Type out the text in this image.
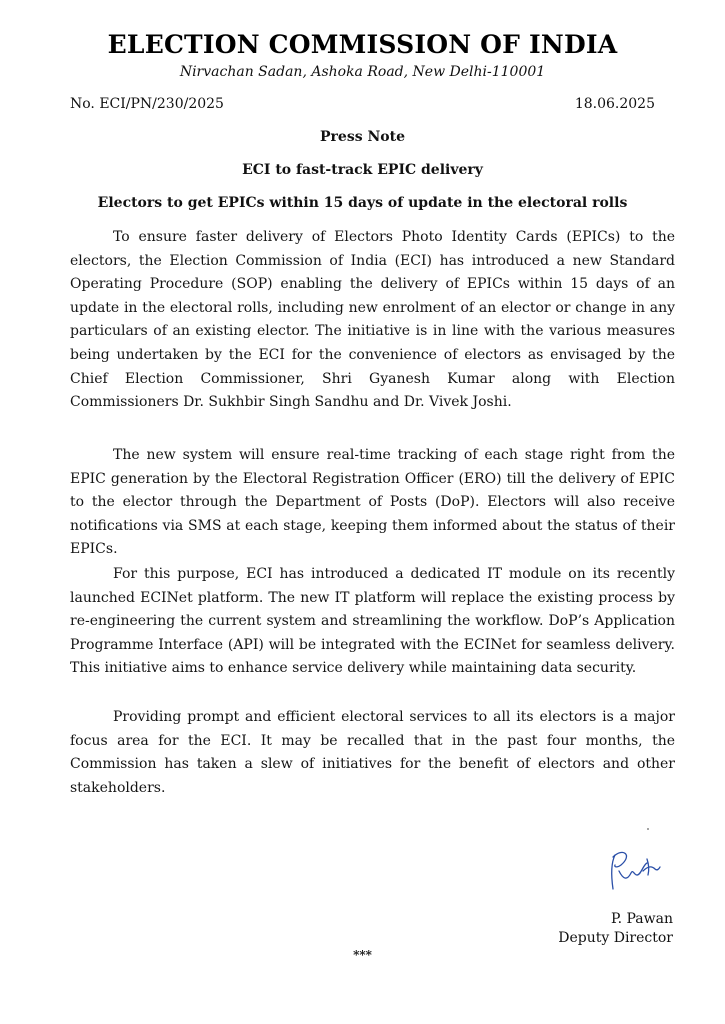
ELECTION COMMISSION OF INDIA
Nirvachan Sadan, Ashoka Road, New Delhi-110001
No. ECI/PN/230/2025	18.06.2025
Press Note
ECI to fast-track EPIC delivery
Electors to get EPICs within 15 days of update in the electoral rolls

To ensure faster delivery of Electors Photo Identity Cards (EPICs) to the electors, the Election Commission of India (ECI) has introduced a new Standard Operating Procedure (SOP) enabling the delivery of EPICs within 15 days of an update in the electoral rolls, including new enrolment of an elector or change in any particulars of an existing elector. The initiative is in line with the various measures being undertaken by the ECI for the convenience of electors as envisaged by the Chief Election Commissioner, Shri Gyanesh Kumar along with Election Commissioners Dr. Sukhbir Singh Sandhu and Dr. Vivek Joshi.

The new system will ensure real-time tracking of each stage right from the EPIC generation by the Electoral Registration Officer (ERO) till the delivery of EPIC to the elector through the Department of Posts (DoP). Electors will also receive notifications via SMS at each stage, keeping them informed about the status of their EPICs.

For this purpose, ECI has introduced a dedicated IT module on its recently launched ECINet platform. The new IT platform will replace the existing process by re-engineering the current system and streamlining the workflow. DoP’s Application Programme Interface (API) will be integrated with the ECINet for seamless delivery. This initiative aims to enhance service delivery while maintaining data security.

Providing prompt and efficient electoral services to all its electors is a major focus area for the ECI. It may be recalled that in the past four months, the Commission has taken a slew of initiatives for the benefit of electors and other stakeholders.

P. Pawan
Deputy Director
***
